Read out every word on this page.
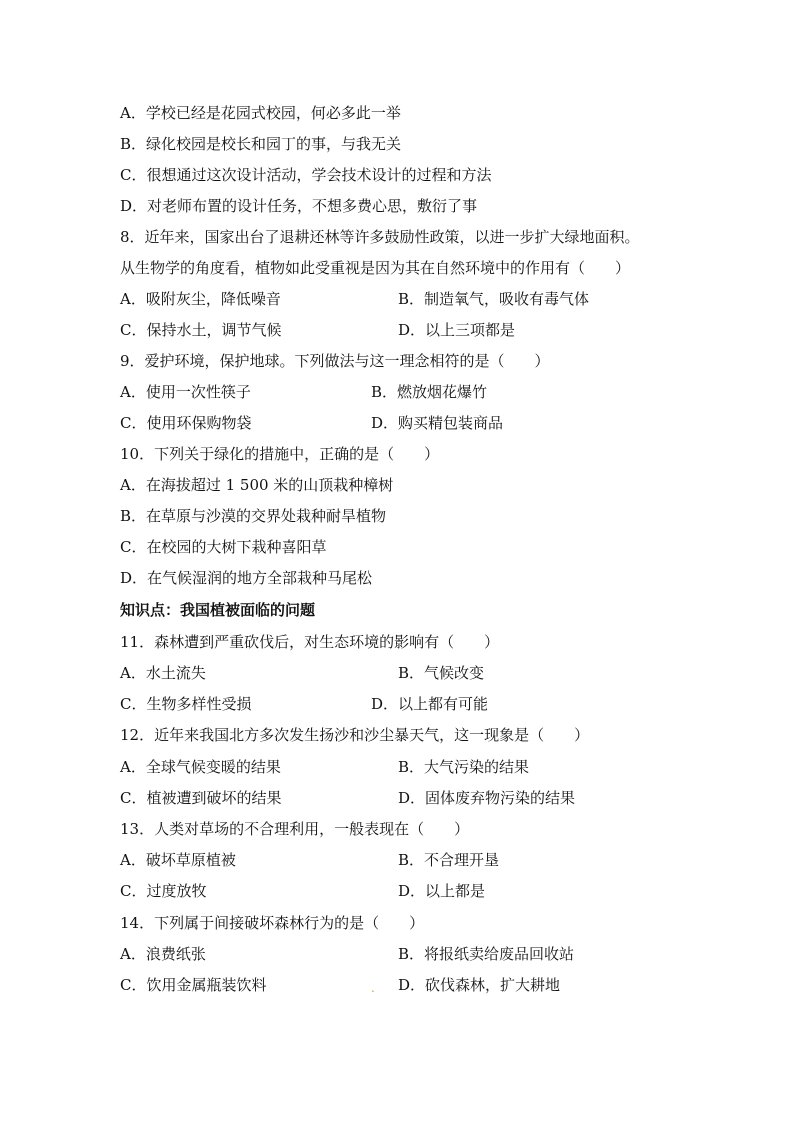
A．学校已经是花园式校园，何必多此一举
B．绿化校园是校长和园丁的事，与我无关
C．很想通过这次设计活动，学会技术设计的过程和方法
D．对老师布置的设计任务，不想多费心思，敷衍了事
8．近年来，国家出台了退耕还林等许多鼓励性政策，以进一步扩大绿地面积。
从生物学的角度看，植物如此受重视是因为其在自然环境中的作用有（　　）
A．吸附灰尘，降低噪音	B．制造氧气，吸收有毒气体
C．保持水土，调节气候	D．以上三项都是
9．爱护环境，保护地球。下列做法与这一理念相符的是（　　）
A．使用一次性筷子	B．燃放烟花爆竹
C．使用环保购物袋	D．购买精包装商品
10．下列关于绿化的措施中，正确的是（　　）
A．在海拔超过 1 500 米的山顶栽种樟树
B．在草原与沙漠的交界处栽种耐旱植物
C．在校园的大树下栽种喜阳草
D．在气候湿润的地方全部栽种马尾松
知识点：我国植被面临的问题
11．森林遭到严重砍伐后，对生态环境的影响有（　　）
A．水土流失	B．气候改变
C．生物多样性受损	D．以上都有可能
12．近年来我国北方多次发生扬沙和沙尘暴天气，这一现象是（　　）
A．全球气候变暖的结果	B．大气污染的结果
C．植被遭到破坏的结果	D．固体废弃物污染的结果
13．人类对草场的不合理利用，一般表现在（　　）
A．破坏草原植被	B．不合理开垦
C．过度放牧	D．以上都是
14．下列属于间接破坏森林行为的是（　　）
A．浪费纸张	B．将报纸卖给废品回收站
C．饮用金属瓶装饮料	D．砍伐森林，扩大耕地
.
